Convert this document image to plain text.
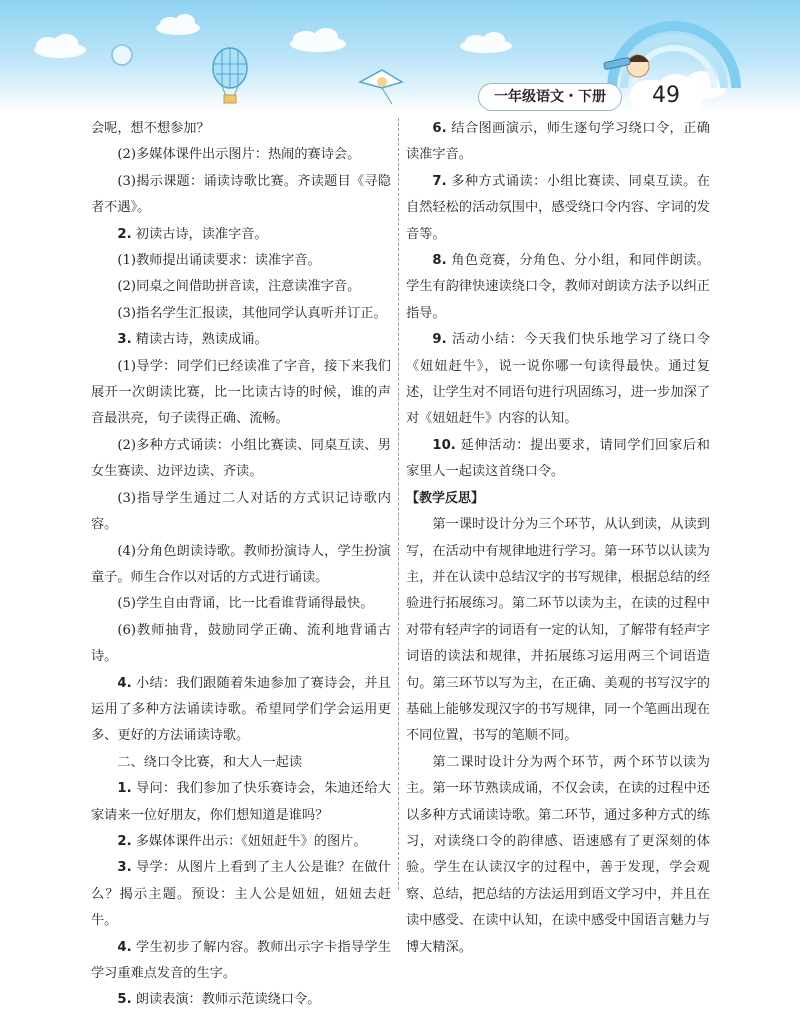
一年级语文・下册	49

会呢，想不想参加？

(2)多媒体课件出示图片：热闹的赛诗会。

(3)揭示课题：诵读诗歌比赛。齐读题目《寻隐者不遇》。

2. 初读古诗，读准字音。

(1)教师提出诵读要求：读准字音。

(2)同桌之间借助拼音读，注意读准字音。

(3)指名学生汇报读，其他同学认真听并订正。

3. 精读古诗，熟读成诵。

(1)导学：同学们已经读准了字音，接下来我们展开一次朗读比赛，比一比读古诗的时候，谁的声音最洪亮，句子读得正确、流畅。

(2)多种方式诵读：小组比赛读、同桌互读、男女生赛读、边评边读、齐读。

(3)指导学生通过二人对话的方式识记诗歌内容。

(4)分角色朗读诗歌。教师扮演诗人，学生扮演童子。师生合作以对话的方式进行诵读。

(5)学生自由背诵，比一比看谁背诵得最快。

(6)教师抽背，鼓励同学正确、流利地背诵古诗。

4. 小结：我们跟随着朱迪参加了赛诗会，并且运用了多种方法诵读诗歌。希望同学们学会运用更多、更好的方法诵读诗歌。

二、绕口令比赛，和大人一起读

1. 导问：我们参加了快乐赛诗会，朱迪还给大家请来一位好朋友，你们想知道是谁吗？

2. 多媒体课件出示：《妞妞赶牛》的图片。

3. 导学：从图片上看到了主人公是谁？在做什么？揭示主题。预设：主人公是妞妞，妞妞去赶牛。

4. 学生初步了解内容。教师出示字卡指导学生学习重难点发音的生字。

5. 朗读表演：教师示范读绕口令。

6. 结合图画演示，师生逐句学习绕口令，正确读准字音。

7. 多种方式诵读：小组比赛读、同桌互读。在自然轻松的活动氛围中，感受绕口令内容、字词的发音等。

8. 角色竞赛，分角色、分小组，和同伴朗读。学生有韵律快速读绕口令，教师对朗读方法予以纠正指导。

9. 活动小结：今天我们快乐地学习了绕口令《妞妞赶牛》，说一说你哪一句读得最快。通过复述，让学生对不同语句进行巩固练习，进一步加深了对《妞妞赶牛》内容的认知。

10. 延伸活动：提出要求，请同学们回家后和家里人一起读这首绕口令。

【教学反思】

第一课时设计分为三个环节，从认到读，从读到写，在活动中有规律地进行学习。第一环节以认读为主，并在认读中总结汉字的书写规律，根据总结的经验进行拓展练习。第二环节以读为主，在读的过程中对带有轻声字的词语有一定的认知，了解带有轻声字词语的读法和规律，并拓展练习运用两三个词语造句。第三环节以写为主，在正确、美观的书写汉字的基础上能够发现汉字的书写规律，同一个笔画出现在不同位置，书写的笔顺不同。

第二课时设计分为两个环节，两个环节以读为主。第一环节熟读成诵，不仅会读，在读的过程中还以多种方式诵读诗歌。第二环节，通过多种方式的练习，对读绕口令的韵律感、语速感有了更深刻的体验。学生在认读汉字的过程中，善于发现，学会观察、总结，把总结的方法运用到语文学习中，并且在读中感受、在读中认知，在读中感受中国语言魅力与博大精深。
